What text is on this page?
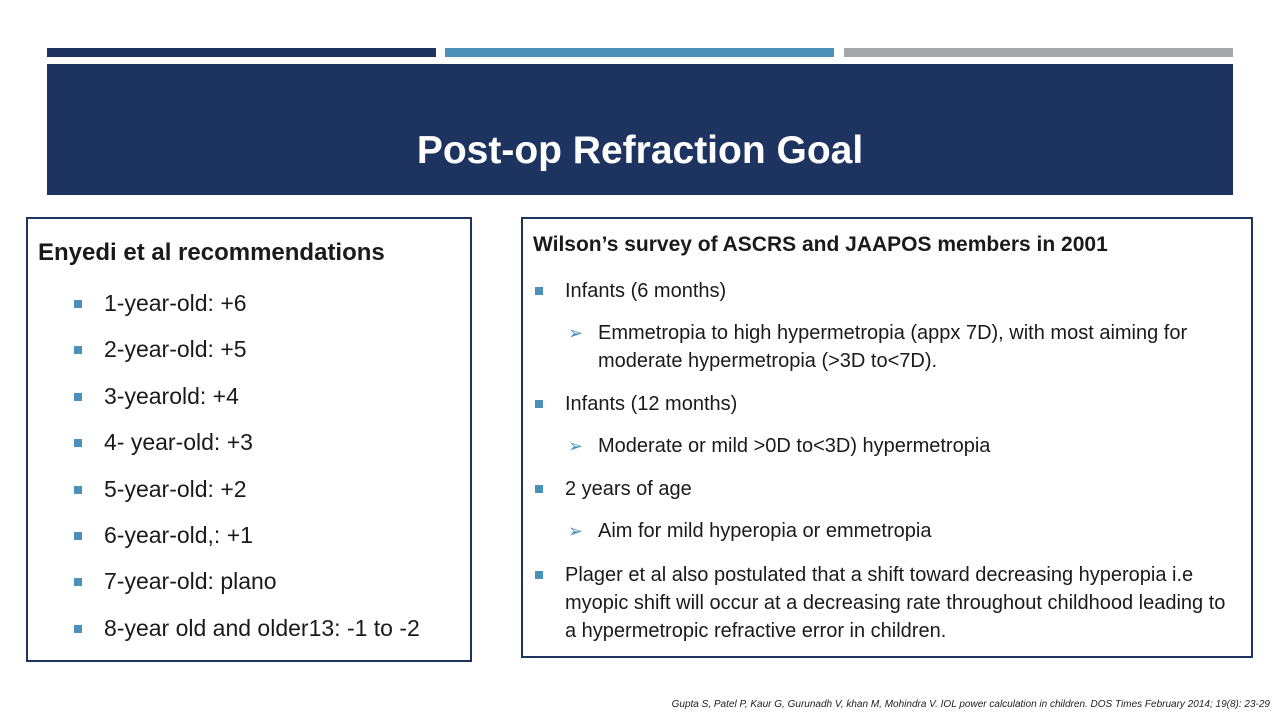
Post-op Refraction Goal
Enyedi et al recommendations
1-year-old: +6
2-year-old: +5
3-yearold: +4
4- year-old: +3
5-year-old: +2
6-year-old,: +1
7-year-old: plano
8-year old and older13: -1 to -2
Wilson’s survey of ASCRS and JAAPOS members in 2001
Infants (6 months)
➢ Emmetropia to high hypermetropia (appx 7D), with most aiming for moderate hypermetropia (>3D to<7D).
Infants (12 months)
➢ Moderate or mild >0D to<3D) hypermetropia
2 years of age
➢ Aim for mild hyperopia or emmetropia
Plager et al also postulated that a shift toward decreasing hyperopia i.e myopic shift will occur at a decreasing rate throughout childhood leading to a hypermetropic refractive error in children.
Gupta S, Patel P, Kaur G, Gurunadh V, khan M, Mohindra V. IOL power calculation in children. DOS Times February 2014; 19(8): 23-29
